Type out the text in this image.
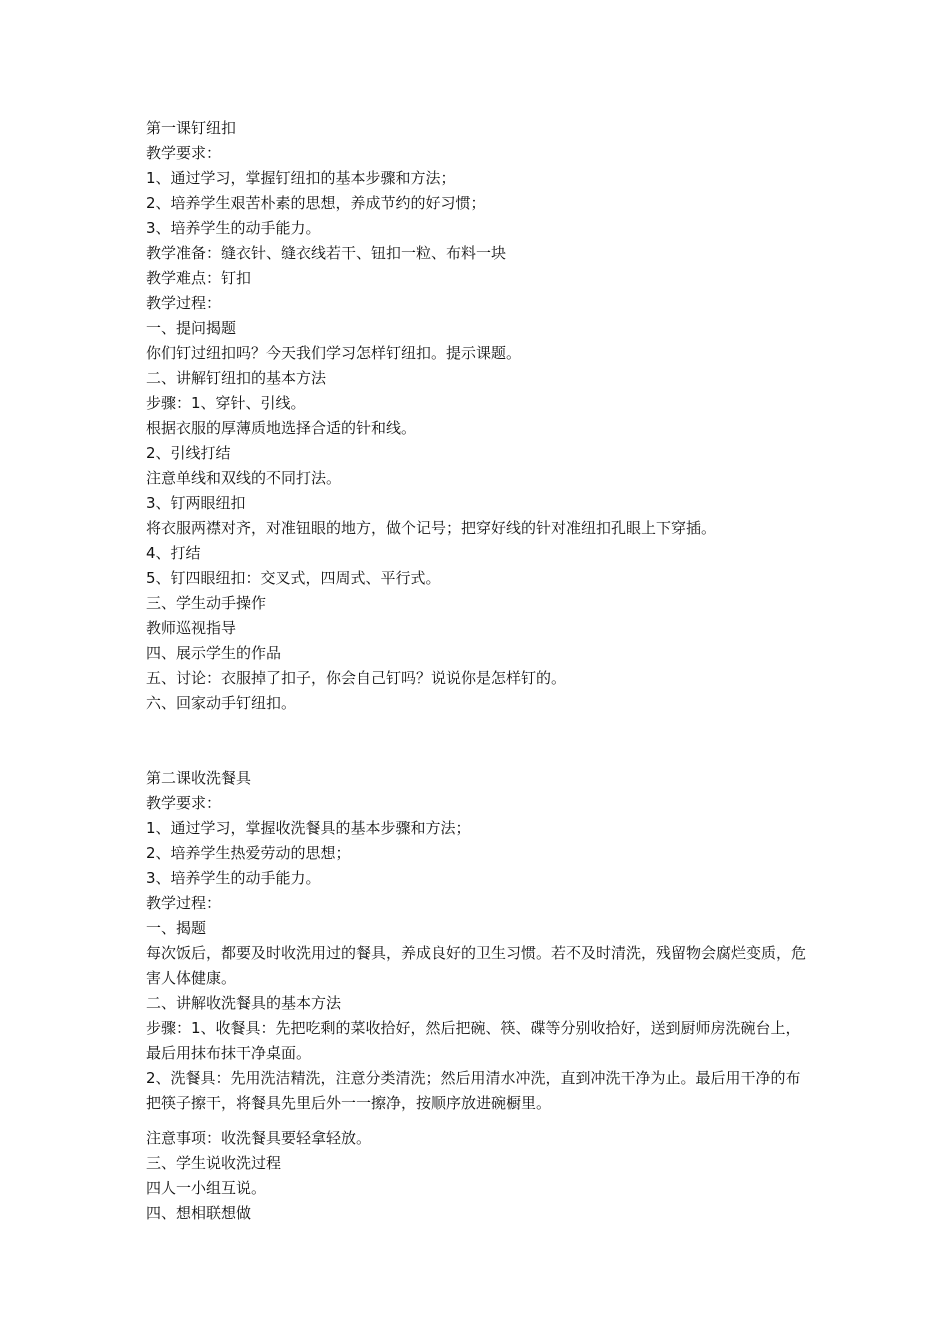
第一课钉纽扣
教学要求：
1、通过学习，掌握钉纽扣的基本步骤和方法；
2、培养学生艰苦朴素的思想，养成节约的好习惯；
3、培养学生的动手能力。
教学准备：缝衣针、缝衣线若干、钮扣一粒、布料一块
教学难点：钉扣
教学过程：
一、提问揭题
你们钉过纽扣吗？今天我们学习怎样钉纽扣。提示课题。
二、讲解钉纽扣的基本方法
步骤：1、穿针、引线。
根据衣服的厚薄质地选择合适的针和线。
2、引线打结
注意单线和双线的不同打法。
3、钉两眼纽扣
将衣服两襟对齐，对准钮眼的地方，做个记号；把穿好线的针对准纽扣孔眼上下穿插。
4、打结
5、钉四眼纽扣：交叉式，四周式、平行式。
三、学生动手操作
教师巡视指导
四、展示学生的作品
五、讨论：衣服掉了扣子，你会自己钉吗？说说你是怎样钉的。
六、回家动手钉纽扣。
第二课收洗餐具
教学要求：
1、通过学习，掌握收洗餐具的基本步骤和方法；
2、培养学生热爱劳动的思想；
3、培养学生的动手能力。
教学过程：
一、揭题
每次饭后，都要及时收洗用过的餐具，养成良好的卫生习惯。若不及时清洗，残留物会腐烂变质，危害人体健康。
二、讲解收洗餐具的基本方法
步骤：1、收餐具：先把吃剩的菜收拾好，然后把碗、筷、碟等分别收拾好，送到厨师房洗碗台上，最后用抹布抹干净桌面。
2、洗餐具：先用洗洁精洗，注意分类清洗；然后用清水冲洗，直到冲洗干净为止。最后用干净的布把筷子擦干，将餐具先里后外一一擦净，按顺序放进碗橱里。
注意事项：收洗餐具要轻拿轻放。
三、学生说收洗过程
四人一小组互说。
四、想相联想做
